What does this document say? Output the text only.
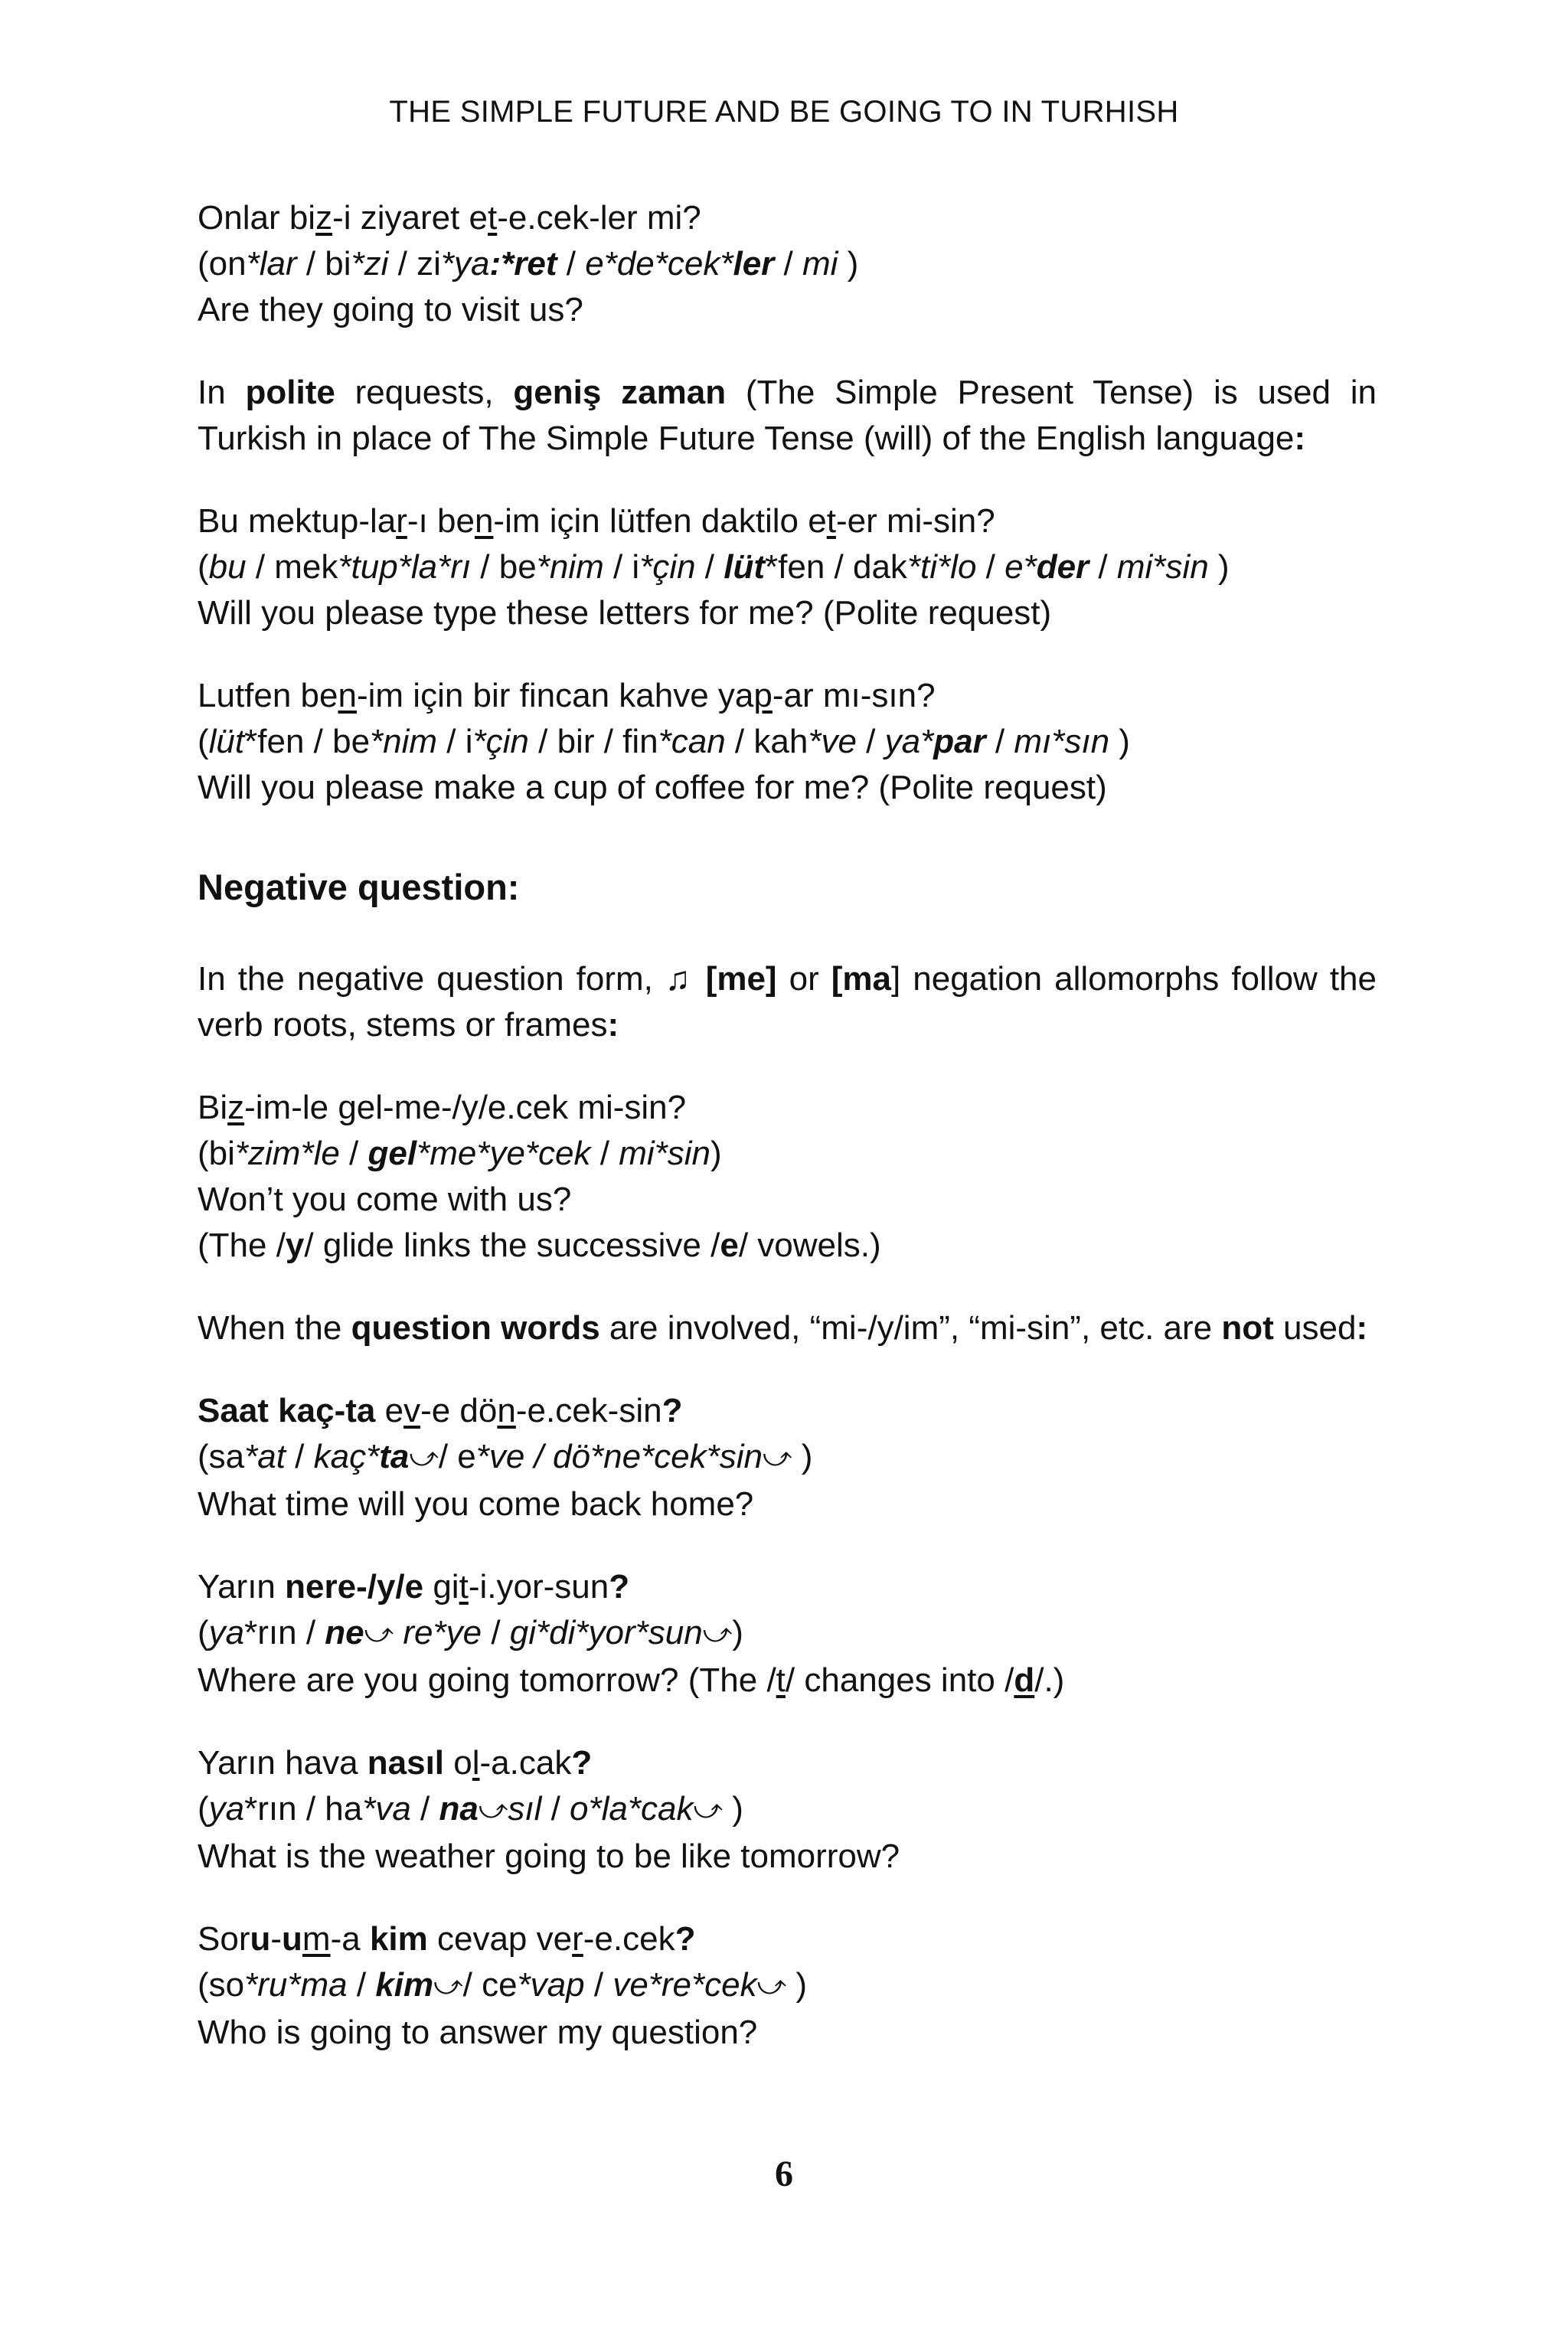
THE SIMPLE FUTURE AND BE GOING TO IN TURHISH

Onlar biz-i ziyaret et-e.cek-ler mi?

(on*lar / bi*zi / zi*ya:*ret / e*de*cek*ler / mi )

Are they going to visit us?

In polite requests, geniş zaman (The Simple Present Tense) is used in Turkish in place of The Simple Future Tense (will) of the English language:

Bu mektup-lar-ı ben-im için lütfen daktilo et-er mi-sin?

(bu / mek*tup*la*rı / be*nim / i*çin / lüt*fen / dak*ti*lo / e*der / mi*sin )

Will you please type these letters for me? (Polite request)

Lutfen ben-im için bir fincan kahve yap-ar mı-sın?

(lüt*fen / be*nim / i*çin / bir / fin*can / kah*ve / ya*par / mı*sın )

Will you please make a cup of coffee for me? (Polite request)

Negative question:

In the negative question form, ♫ [me] or [ma] negation allomorphs follow the verb roots, stems or frames:

Biz-im-le gel-me-/y/e.cek mi-sin?

(bi*zim*le / gel*me*ye*cek / mi*sin)

Won’t you come with us?

(The /y/ glide links the successive /e/ vowels.)

When the question words are involved, “mi-/y/im”, “mi-sin”, etc. are not used:

Saat kaç-ta ev-e dön-e.cek-sin?

(sa*at / kaç*ta⤻/ e*ve / dö*ne*cek*sin⤻ )

What time will you come back home?

Yarın nere-/y/e git-i.yor-sun?

(ya*rın / ne⤻ re*ye / gi*di*yor*sun⤻)

Where are you going tomorrow? (The /t/ changes into /d/.)

Yarın hava nasıl ol-a.cak?

(ya*rın / ha*va / na⤻sıl / o*la*cak⤻ )

What is the weather going to be like tomorrow?

Soru-um-a kim cevap ver-e.cek?

(so*ru*ma / kim⤻/ ce*vap / ve*re*cek⤻ )

Who is going to answer my question?

6
